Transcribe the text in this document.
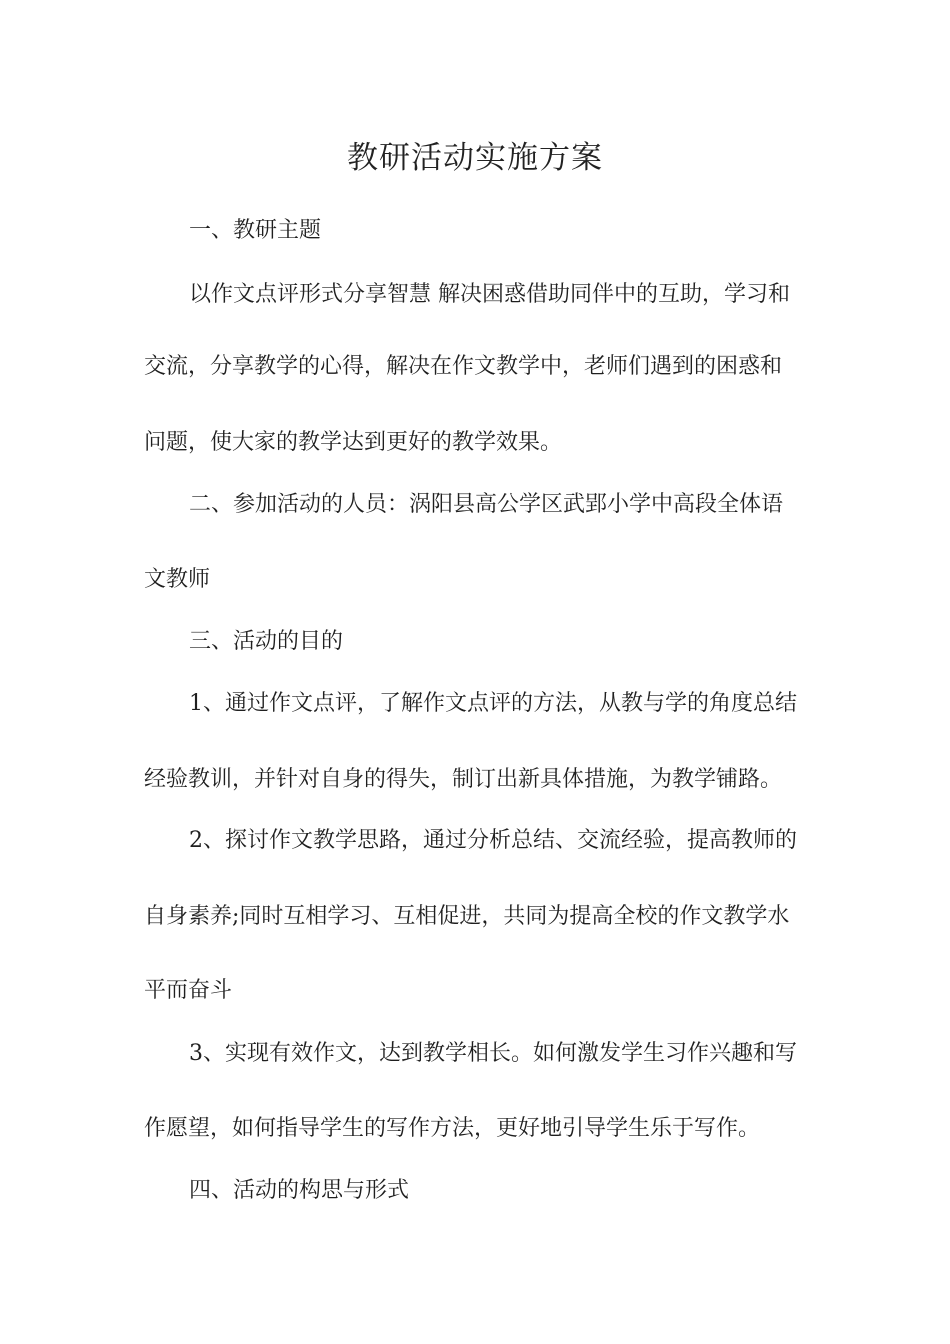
教研活动实施方案
一、教研主题
以作文点评形式分享智慧 解决困惑借助同伴中的互助，学习和
交流，分享教学的心得，解决在作文教学中，老师们遇到的困惑和
问题，使大家的教学达到更好的教学效果。
二、参加活动的人员：涡阳县高公学区武郢小学中高段全体语
文教师
三、活动的目的
1、通过作文点评，了解作文点评的方法，从教与学的角度总结
经验教训，并针对自身的得失，制订出新具体措施，为教学铺路。
2、探讨作文教学思路，通过分析总结、交流经验，提高教师的
自身素养;同时互相学习、互相促进，共同为提高全校的作文教学水
平而奋斗
3、实现有效作文，达到教学相长。如何激发学生习作兴趣和写
作愿望，如何指导学生的写作方法，更好地引导学生乐于写作。
四、活动的构思与形式
